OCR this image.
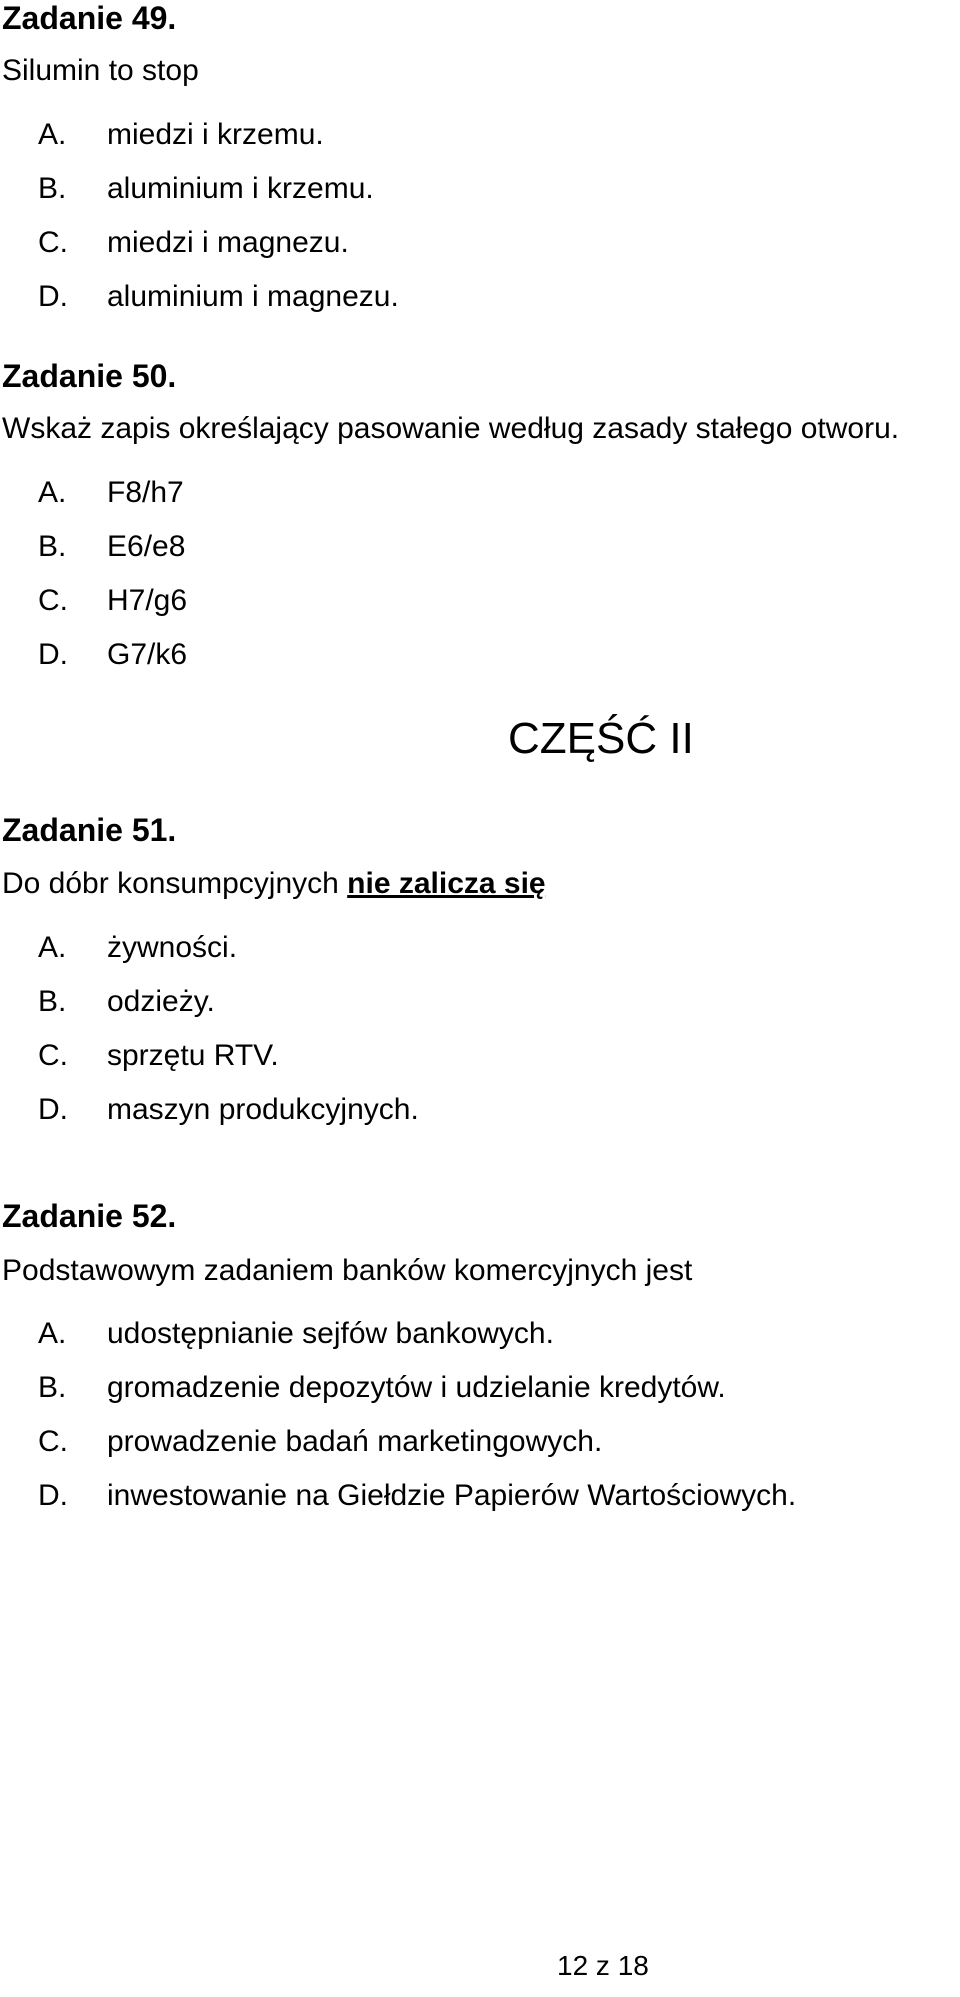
Zadanie 49.
Silumin to stop
A. miedzi i krzemu.
B. aluminium i krzemu.
C. miedzi i magnezu.
D. aluminium i magnezu.
Zadanie 50.
Wskaż zapis określający pasowanie według zasady stałego otworu.
A. F8/h7
B. E6/e8
C. H7/g6
D. G7/k6
CZĘŚĆ II
Zadanie 51.
Do dóbr konsumpcyjnych nie zalicza się
A. żywności.
B. odzieży.
C. sprzętu RTV.
D. maszyn produkcyjnych.
Zadanie 52.
Podstawowym zadaniem banków komercyjnych jest
A. udostępnianie sejfów bankowych.
B. gromadzenie depozytów i udzielanie kredytów.
C. prowadzenie badań marketingowych.
D. inwestowanie na Giełdzie Papierów Wartościowych.
12 z 18
